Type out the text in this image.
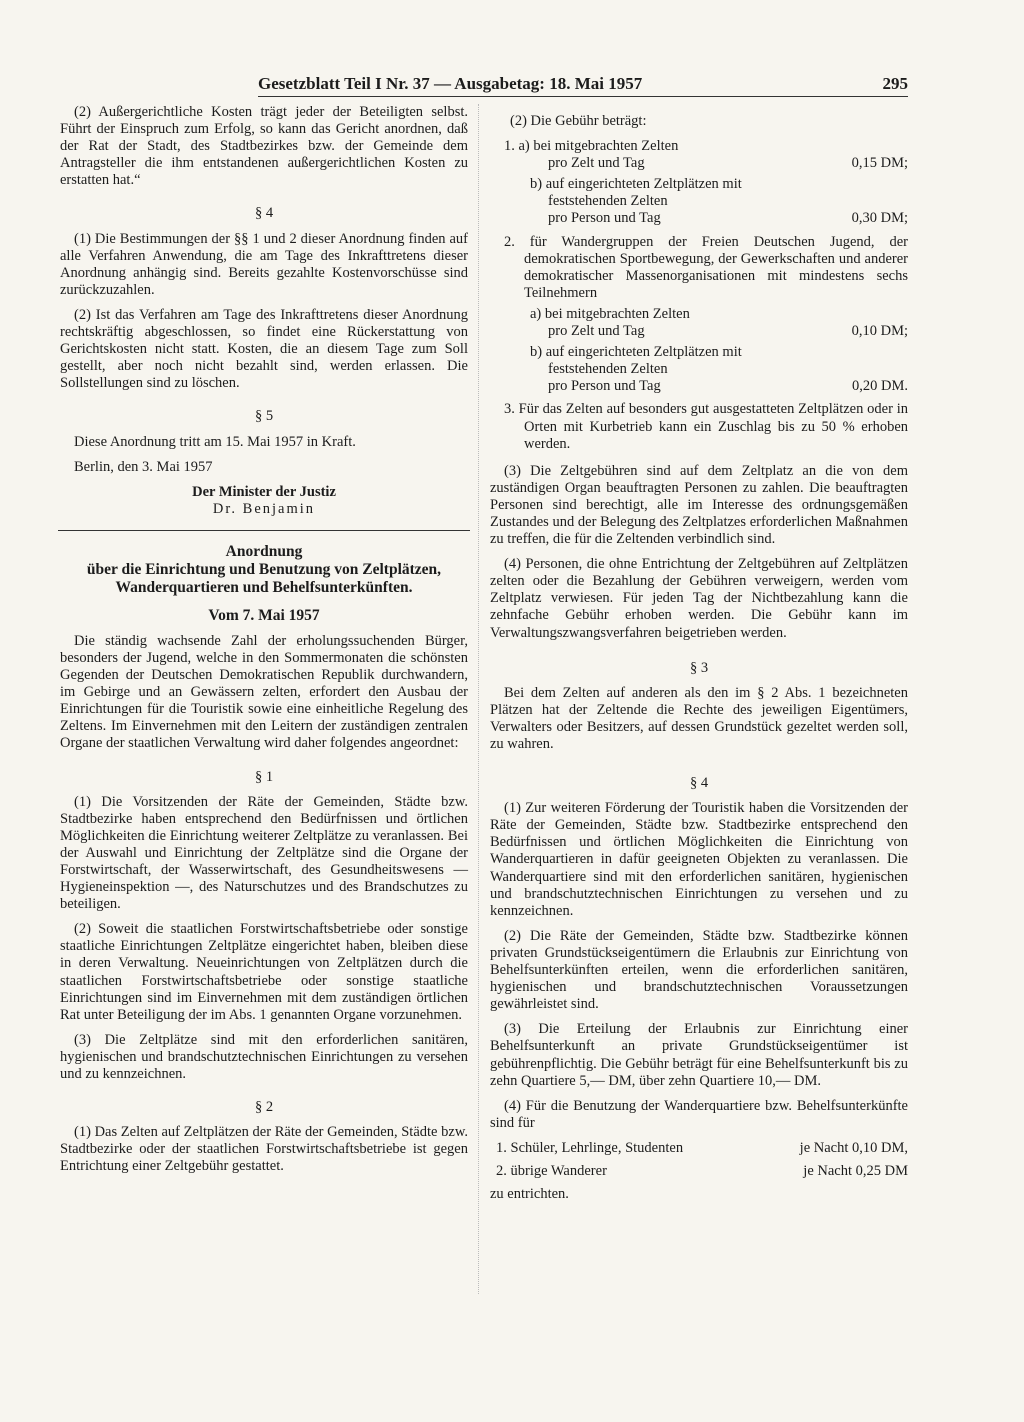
Gesetzblatt Teil I Nr. 37 — Ausgabetag: 18. Mai 1957	295

(2) Außergerichtliche Kosten trägt jeder der Beteiligten selbst. Führt der Einspruch zum Erfolg, so kann das Gericht anordnen, daß der Rat der Stadt, des Stadtbezirkes bzw. der Gemeinde dem Antragsteller die ihm entstandenen außergerichtlichen Kosten zu erstatten hat.“

§ 4

(1) Die Bestimmungen der §§ 1 und 2 dieser Anordnung finden auf alle Verfahren Anwendung, die am Tage des Inkrafttretens dieser Anordnung anhängig sind. Bereits gezahlte Kostenvorschüsse sind zurückzuzahlen.

(2) Ist das Verfahren am Tage des Inkrafttretens dieser Anordnung rechtskräftig abgeschlossen, so findet eine Rückerstattung von Gerichtskosten nicht statt. Kosten, die an diesem Tage zum Soll gestellt, aber noch nicht bezahlt sind, werden erlassen. Die Sollstellungen sind zu löschen.

§ 5

Diese Anordnung tritt am 15. Mai 1957 in Kraft.

Berlin, den 3. Mai 1957

Der Minister der Justiz
Dr. Benjamin
Anordnung
über die Einrichtung und Benutzung von Zeltplätzen,
Wanderquartieren und Behelfsunterkünften.
Vom 7. Mai 1957

Die ständig wachsende Zahl der erholungssuchenden Bürger, besonders der Jugend, welche in den Sommermonaten die schönsten Gegenden der Deutschen Demokratischen Republik durchwandern, im Gebirge und an Gewässern zelten, erfordert den Ausbau der Einrichtungen für die Touristik sowie eine einheitliche Regelung des Zeltens. Im Einvernehmen mit den Leitern der zuständigen zentralen Organe der staatlichen Verwaltung wird daher folgendes angeordnet:

§ 1

(1) Die Vorsitzenden der Räte der Gemeinden, Städte bzw. Stadtbezirke haben entsprechend den Bedürfnissen und örtlichen Möglichkeiten die Einrichtung weiterer Zeltplätze zu veranlassen. Bei der Auswahl und Einrichtung der Zeltplätze sind die Organe der Forstwirtschaft, der Wasserwirtschaft, des Gesundheitswesens — Hygieneinspektion —, des Naturschutzes und des Brandschutzes zu beteiligen.

(2) Soweit die staatlichen Forstwirtschaftsbetriebe oder sonstige staatliche Einrichtungen Zeltplätze eingerichtet haben, bleiben diese in deren Verwaltung. Neueinrichtungen von Zeltplätzen durch die staatlichen Forstwirtschaftsbetriebe oder sonstige staatliche Einrichtungen sind im Einvernehmen mit dem zuständigen örtlichen Rat unter Beteiligung der im Abs. 1 genannten Organe vorzunehmen.

(3) Die Zeltplätze sind mit den erforderlichen sanitären, hygienischen und brandschutztechnischen Einrichtungen zu versehen und zu kennzeichnen.

§ 2

(1) Das Zelten auf Zeltplätzen der Räte der Gemeinden, Städte bzw. Stadtbezirke oder der staatlichen Forstwirtschaftsbetriebe ist gegen Entrichtung einer Zeltgebühr gestattet.

(2) Die Gebühr beträgt:

1. a) bei mitgebrachten Zelten
pro Zelt und Tag	0,15 DM;
b) auf eingerichteten Zeltplätzen mit
feststehenden Zelten
pro Person und Tag	0,30 DM;
2. für Wandergruppen der Freien Deutschen Jugend, der demokratischen Sportbewegung, der Gewerkschaften und anderer demokratischer Massenorganisationen mit mindestens sechs Teilnehmern
a) bei mitgebrachten Zelten
pro Zelt und Tag	0,10 DM;
b) auf eingerichteten Zeltplätzen mit
feststehenden Zelten
pro Person und Tag	0,20 DM.
3. Für das Zelten auf besonders gut ausgestatteten Zeltplätzen oder in Orten mit Kurbetrieb kann ein Zuschlag bis zu 50 % erhoben werden.

(3) Die Zeltgebühren sind auf dem Zeltplatz an die von dem zuständigen Organ beauftragten Personen zu zahlen. Die beauftragten Personen sind berechtigt, alle im Interesse des ordnungsgemäßen Zustandes und der Belegung des Zeltplatzes erforderlichen Maßnahmen zu treffen, die für die Zeltenden verbindlich sind.

(4) Personen, die ohne Entrichtung der Zeltgebühren auf Zeltplätzen zelten oder die Bezahlung der Gebühren verweigern, werden vom Zeltplatz verwiesen. Für jeden Tag der Nichtbezahlung kann die zehnfache Gebühr erhoben werden. Die Gebühr kann im Verwaltungszwangsverfahren beigetrieben werden.

§ 3

Bei dem Zelten auf anderen als den im § 2 Abs. 1 bezeichneten Plätzen hat der Zeltende die Rechte des jeweiligen Eigentümers, Verwalters oder Besitzers, auf dessen Grundstück gezeltet werden soll, zu wahren.

§ 4

(1) Zur weiteren Förderung der Touristik haben die Vorsitzenden der Räte der Gemeinden, Städte bzw. Stadtbezirke entsprechend den Bedürfnissen und örtlichen Möglichkeiten die Einrichtung von Wanderquartieren in dafür geeigneten Objekten zu veranlassen. Die Wanderquartiere sind mit den erforderlichen sanitären, hygienischen und brandschutztechnischen Einrichtungen zu versehen und zu kennzeichnen.

(2) Die Räte der Gemeinden, Städte bzw. Stadtbezirke können privaten Grundstückseigentümern die Erlaubnis zur Einrichtung von Behelfsunterkünften erteilen, wenn die erforderlichen sanitären, hygienischen und brandschutztechnischen Voraussetzungen gewährleistet sind.

(3) Die Erteilung der Erlaubnis zur Einrichtung einer Behelfsunterkunft an private Grundstückseigentümer ist gebührenpflichtig. Die Gebühr beträgt für eine Behelfsunterkunft bis zu zehn Quartiere 5,— DM, über zehn Quartiere 10,— DM.

(4) Für die Benutzung der Wanderquartiere bzw. Behelfsunterkünfte sind für

1. Schüler, Lehrlinge, Studenten	je Nacht 0,10 DM,
2. übrige Wanderer	je Nacht 0,25 DM

zu entrichten.
